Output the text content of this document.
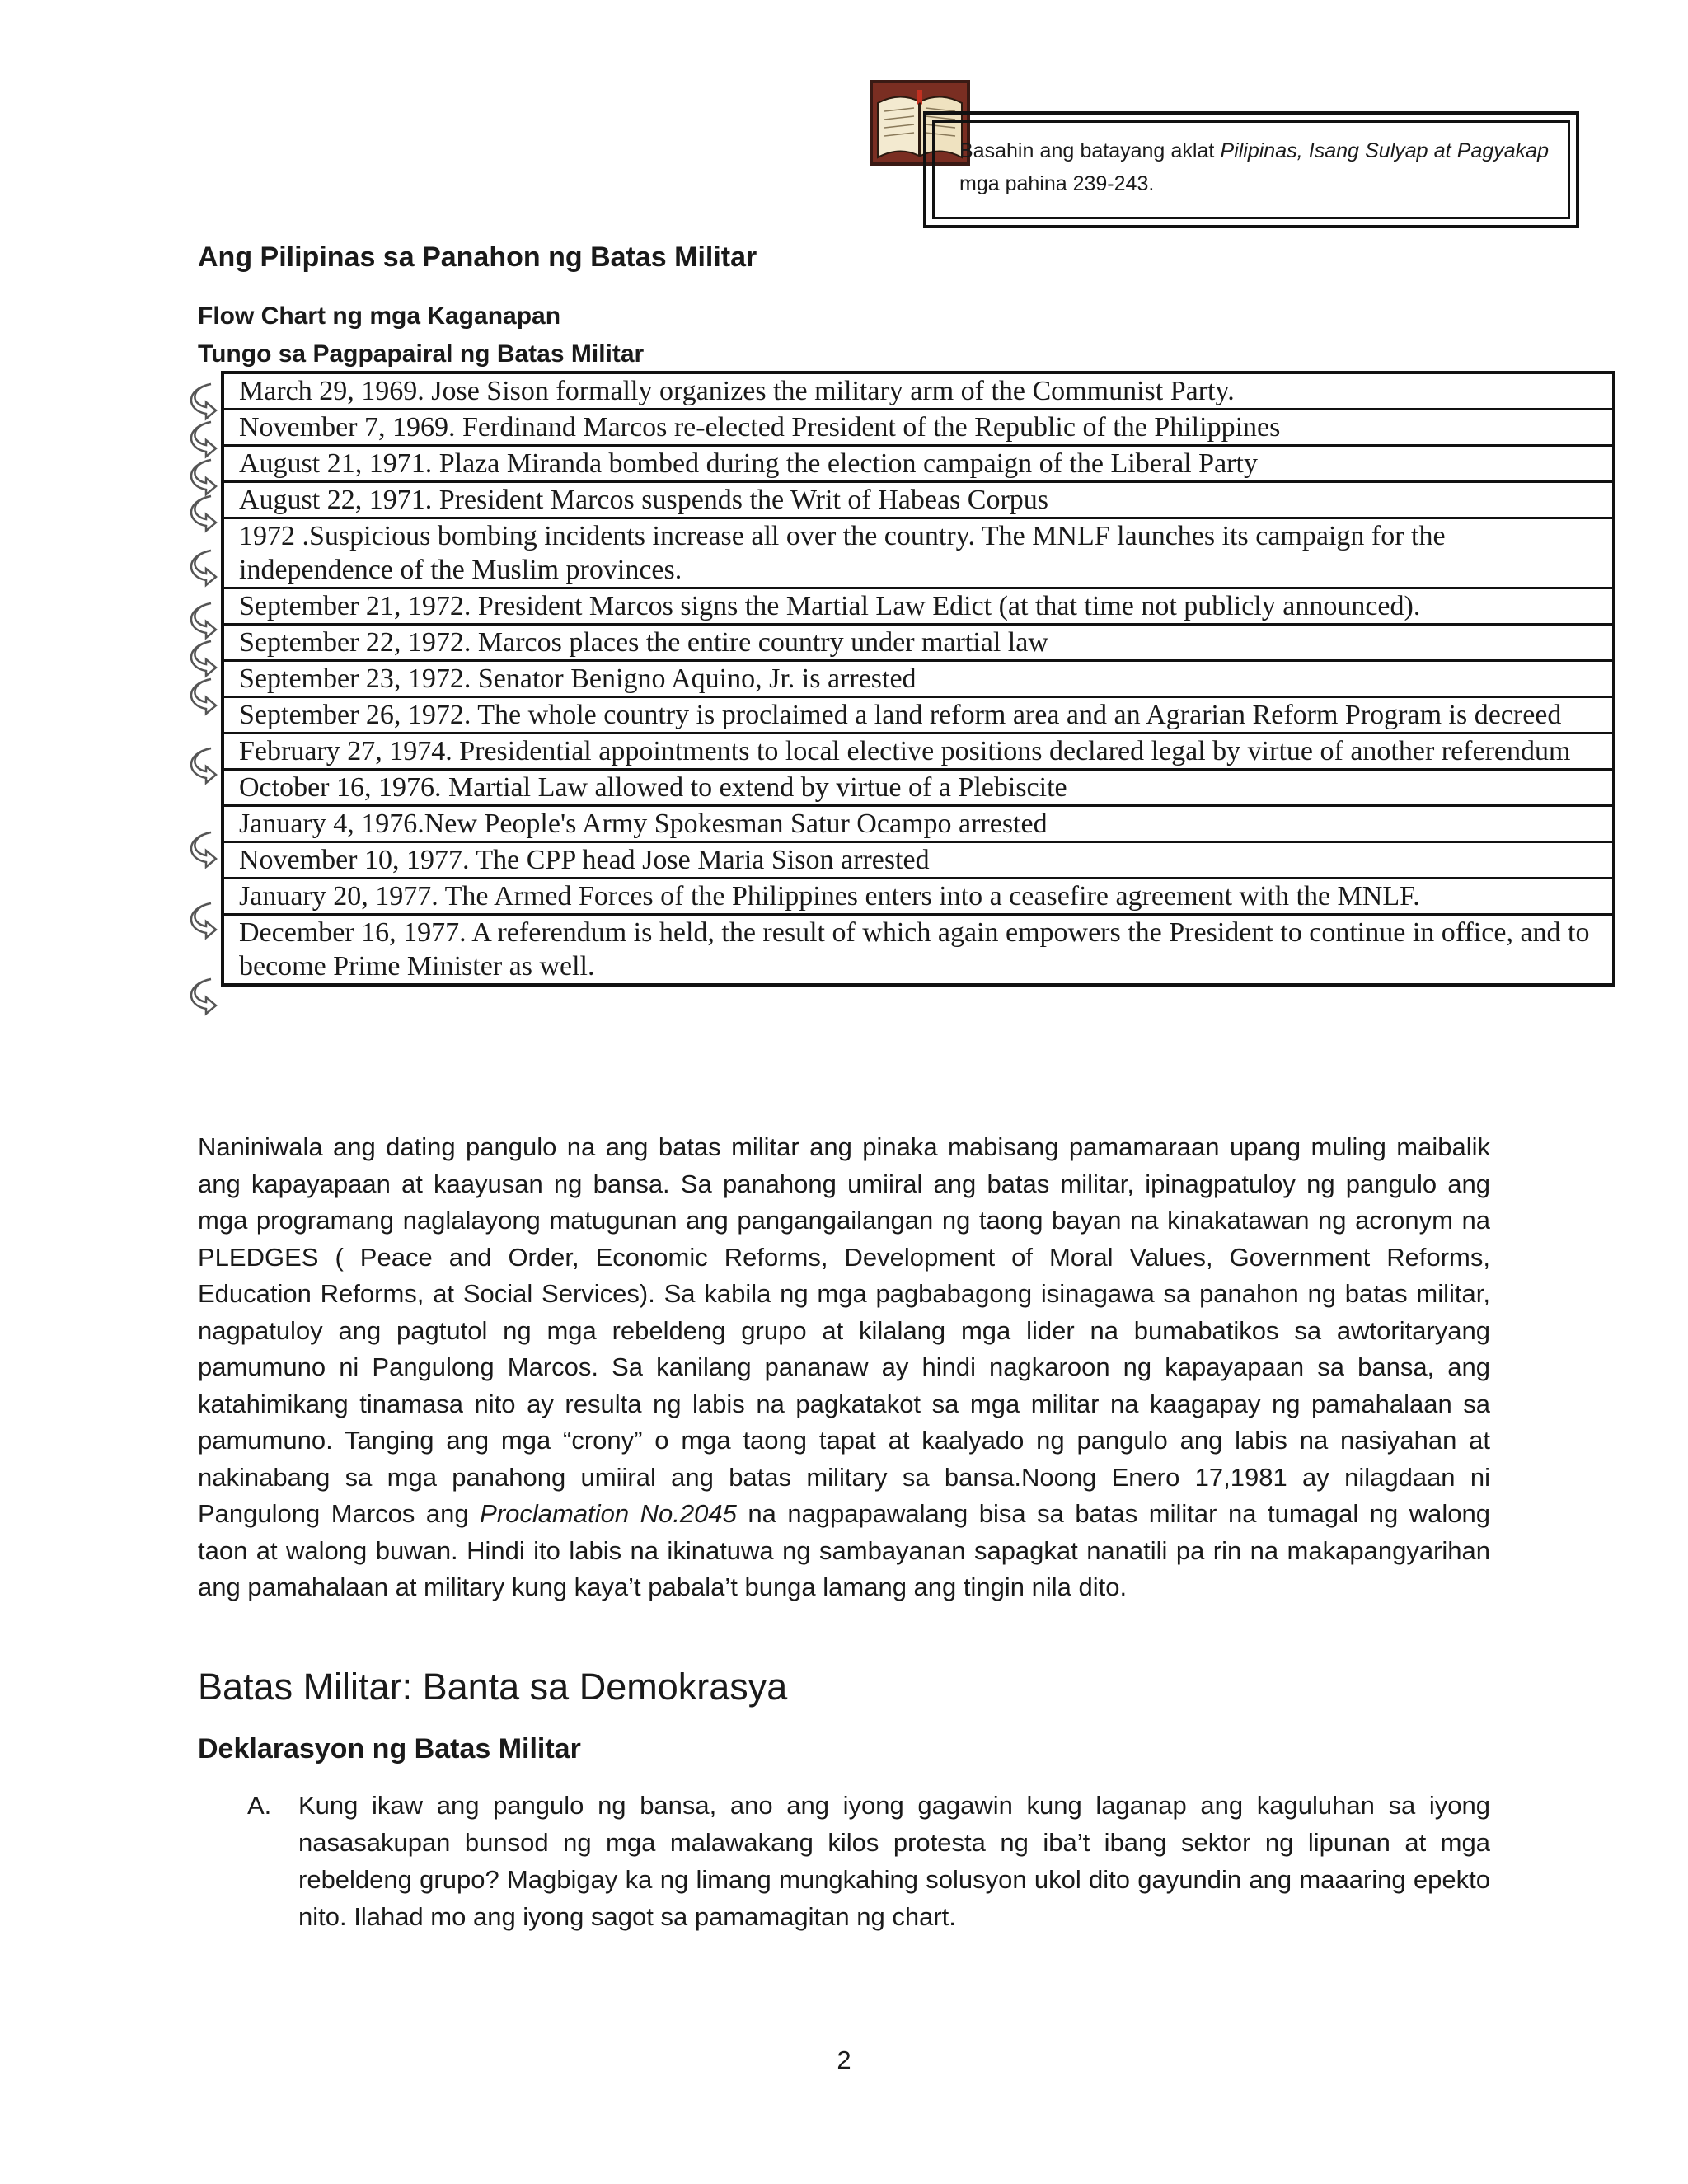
Basahin ang batayang aklat Pilipinas, Isang Sulyap at Pagyakap mga pahina 239-243.
Ang Pilipinas sa Panahon ng Batas Militar
Flow Chart ng mga Kaganapan
Tungo sa Pagpapairal ng Batas Militar
March 29, 1969. Jose Sison formally organizes the military arm of the Communist Party.
November 7, 1969. Ferdinand Marcos re-elected President of the Republic of the Philippines
August 21, 1971. Plaza Miranda bombed during the election campaign of the Liberal Party
August 22, 1971. President Marcos suspends the Writ of Habeas Corpus
1972 .Suspicious bombing incidents increase all over the country. The MNLF launches its campaign for the independence of the Muslim provinces.
September 21, 1972. President Marcos signs the Martial Law Edict (at that time not publicly announced).
September 22, 1972. Marcos places the entire country under martial law
September 23, 1972. Senator Benigno Aquino, Jr. is arrested
September 26, 1972. The whole country is proclaimed a land reform area and an Agrarian Reform Program is decreed
February 27, 1974. Presidential appointments to local elective positions declared legal by virtue of another referendum
October 16, 1976. Martial Law allowed to extend by virtue of a Plebiscite
January 4, 1976.New People's Army Spokesman Satur Ocampo arrested
November 10, 1977. The CPP head Jose Maria Sison arrested
January 20, 1977. The Armed Forces of the Philippines enters into a ceasefire agreement with the MNLF.
December 16, 1977. A referendum is held, the result of which again empowers the President to continue in office, and to become Prime Minister as well.

Naniniwala ang dating pangulo na ang batas militar ang pinaka mabisang pamamaraan upang muling maibalik ang kapayapaan at kaayusan ng bansa. Sa panahong umiiral ang batas militar, ipinagpatuloy ng pangulo ang mga programang naglalayong matugunan ang pangangailangan ng taong bayan na kinakatawan ng acronym na PLEDGES ( Peace and Order, Economic Reforms, Development of Moral Values, Government Reforms, Education Reforms, at Social Services). Sa kabila ng mga pagbabagong isinagawa sa panahon ng batas militar, nagpatuloy ang pagtutol ng mga rebeldeng grupo at kilalang mga lider na bumabatikos sa awtoritaryang pamumuno ni Pangulong Marcos. Sa kanilang pananaw ay hindi nagkaroon ng kapayapaan sa bansa, ang katahimikang tinamasa nito ay resulta ng labis na pagkatakot sa mga militar na kaagapay ng pamahalaan sa pamumuno. Tanging ang mga “crony” o mga taong tapat at kaalyado ng pangulo ang labis na nasiyahan at nakinabang sa mga panahong umiiral ang batas military sa bansa.Noong Enero 17,1981 ay nilagdaan ni Pangulong Marcos ang Proclamation No.2045 na nagpapawalang bisa sa batas militar na tumagal ng walong taon at walong buwan. Hindi ito labis na ikinatuwa ng sambayanan sapagkat nanatili pa rin na makapangyarihan ang pamahalaan at military kung kaya’t pabala’t bunga lamang ang tingin nila dito.

Batas Militar: Banta sa Demokrasya
Deklarasyon ng Batas Militar
A. Kung ikaw ang pangulo ng bansa, ano ang iyong gagawin kung laganap ang kaguluhan sa iyong nasasakupan bunsod ng mga malawakang kilos protesta ng iba’t ibang sektor ng lipunan at mga rebeldeng grupo? Magbigay ka ng limang mungkahing solusyon ukol dito gayundin ang maaaring epekto nito. Ilahad mo ang iyong sagot sa pamamagitan ng chart.

2
